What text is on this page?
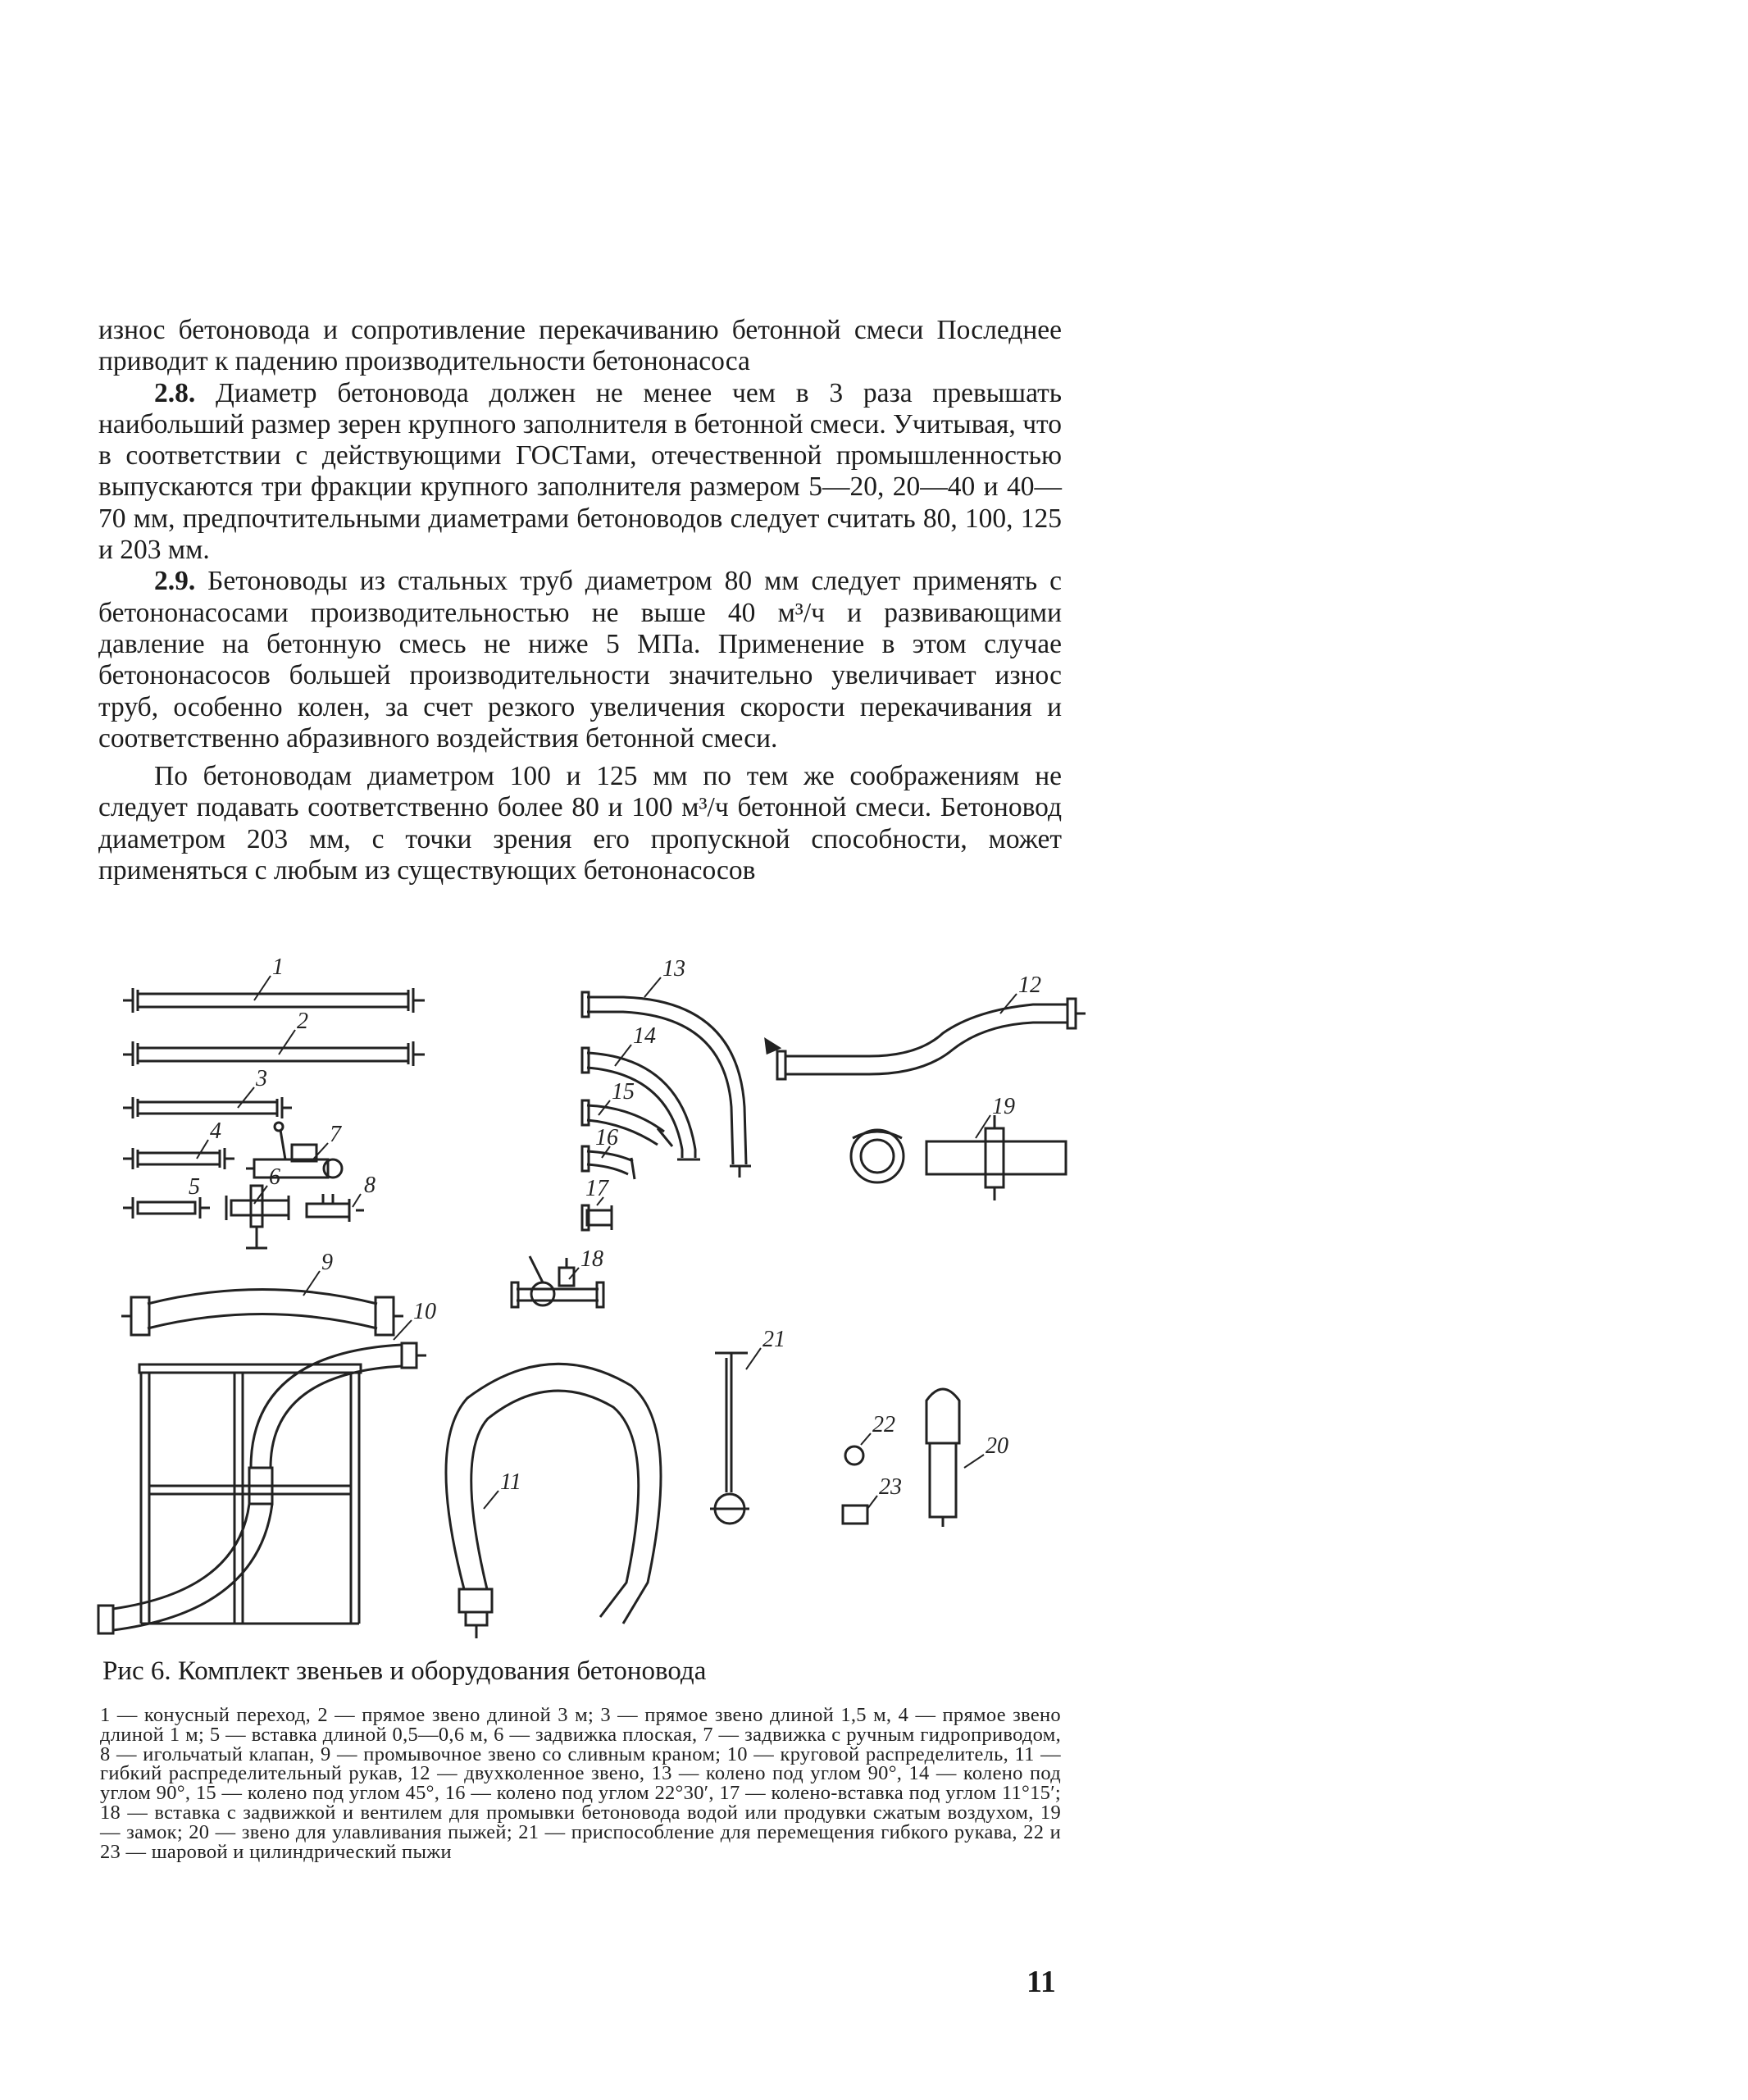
износ бетоновода и сопротивление перекачиванию бетонной смеси Последнее приводит к падению производительности бетононасоса

2.8. Диаметр бетоновода должен не менее чем в 3 раза превышать наибольший размер зерен крупного заполнителя в бетонной смеси. Учитывая, что в соответствии с действующими ГОСТами, отечественной промышленностью выпускаются три фракции крупного заполнителя размером 5—20, 20—40 и 40—70 мм, предпочтительными диаметрами бетоноводов следует считать 80, 100, 125 и 203 мм.

2.9. Бетоноводы из стальных труб диаметром 80 мм следует применять с бетононасосами производительностью не выше 40 м³/ч и развивающими давление на бетонную смесь не ниже 5 МПа. Применение в этом случае бетононасосов большей производительности значительно увеличивает износ труб, особенно колен, за счет резкого увеличения скорости перекачивания и соответственно абразивного воздействия бетонной смеси.

По бетоноводам диаметром 100 и 125 мм по тем же соображениям не следует подавать соответственно более 80 и 100 м³/ч бетонной смеси. Бетоновод диаметром 203 мм, с точки зрения его пропускной способности, может применяться с любым из существующих бетононасосов

1
2
3
4
5	6
7
8
9
10
11
12
13
14
15
16
17
18
19
20
21
22
23
Рис 6. Комплект звеньев и оборудования бетоновода
1 — конусный переход, 2 — прямое звено длиной 3 м; 3 — прямое звено длиной 1,5 м, 4 — прямое звено длиной 1 м; 5 — вставка длиной 0,5—0,6 м, 6 — задвижка плоская, 7 — задвижка с ручным гидроприводом, 8 — игольчатый клапан, 9 — промывочное звено со сливным краном; 10 — круговой распределитель, 11 — гибкий распределительный рукав, 12 — двухколенное звено, 13 — колено под углом 90°, 14 — колено под углом 90°, 15 — колено под углом 45°, 16 — колено под углом 22°30′, 17 — колено-вставка под углом 11°15′; 18 — вставка с задвижкой и вентилем для промывки бетоновода водой или продувки сжатым воздухом, 19 — замок; 20 — звено для улавливания пыжей; 21 — приспособление для перемещения гибкого рукава, 22 и 23 — шаровой и цилиндрический пыжи
11
